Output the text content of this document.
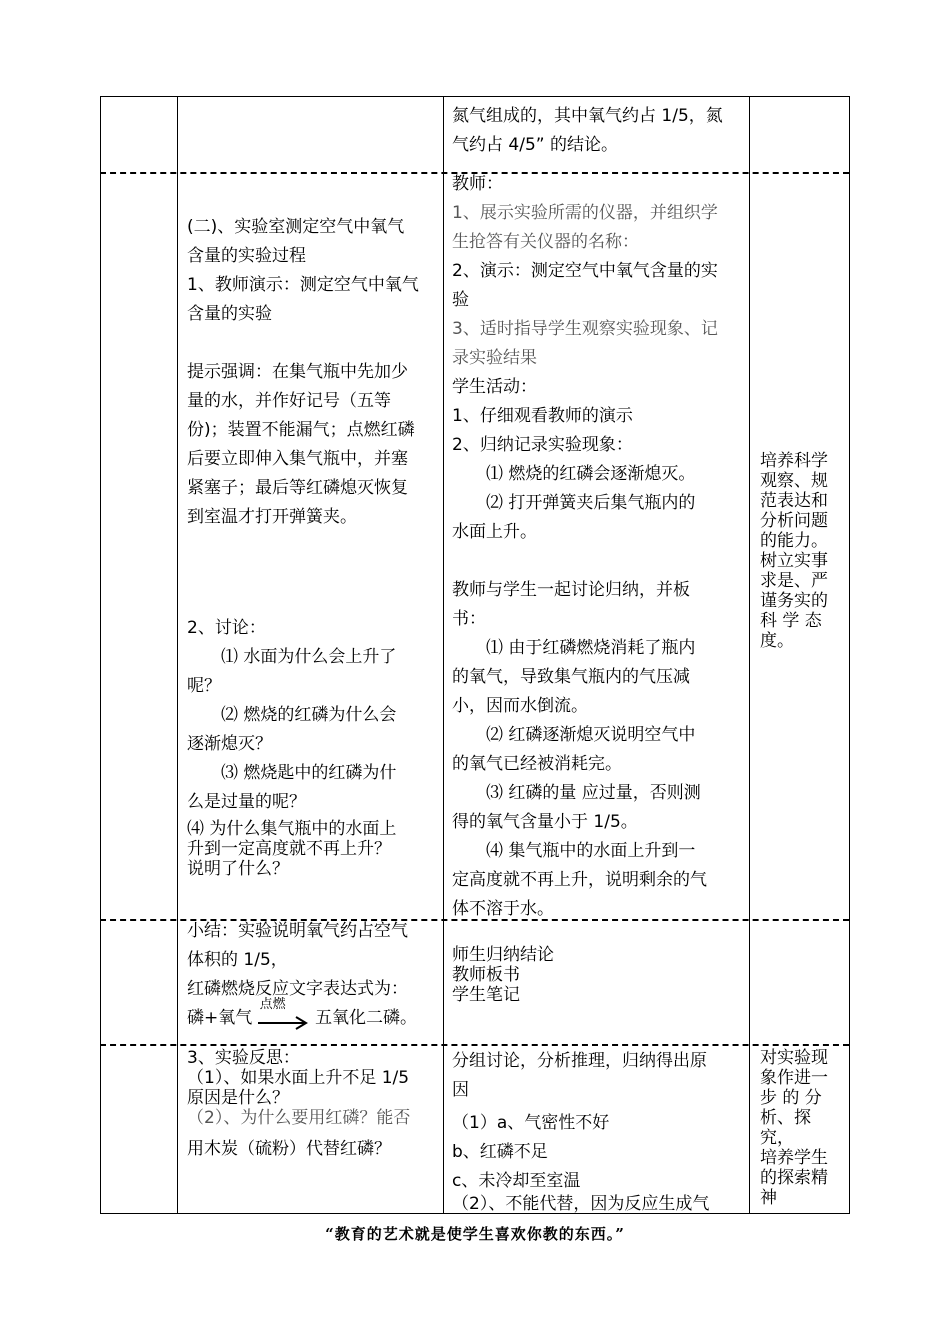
氮气组成的，其中氧气约占 1/5，氮

气约占 4/5” 的结论。

(二)、实验室测定空气中氧气

含量的实验过程

1、教师演示：测定空气中氧气

含量的实验

提示强调：在集气瓶中先加少

量的水，并作好记号（五等

份)；装置不能漏气；点燃红磷

后要立即伸入集气瓶中，并塞

紧塞子；最后等红磷熄灭恢复

到室温才打开弹簧夹。

2、讨论：

⑴ 水面为什么会上升了

呢？

⑵ 燃烧的红磷为什么会

逐渐熄灭？

⑶ 燃烧匙中的红磷为什

么是过量的呢？

⑷ 为什么集气瓶中的水面上

升到一定高度就不再上升？

说明了什么？

教师：

1、展示实验所需的仪器，并组织学

生抢答有关仪器的名称：

2、演示：测定空气中氧气含量的实

验

3、适时指导学生观察实验现象、记

录实验结果

学生活动：

1、仔细观看教师的演示

2、归纳记录实验现象：

⑴ 燃烧的红磷会逐渐熄灭。

⑵ 打开弹簧夹后集气瓶内的

水面上升。

教师与学生一起讨论归纳，并板

书：

⑴ 由于红磷燃烧消耗了瓶内

的氧气，导致集气瓶内的气压减

小，因而水倒流。

⑵ 红磷逐渐熄灭说明空气中

的氧气已经被消耗完。

⑶ 红磷的量 应过量，否则测

得的氧气含量小于 1/5。

⑷ 集气瓶中的水面上升到一

定高度就不再上升，说明剩余的气

体不溶于水。

培养科学

观察、规

范表达和

分析问题

的能力。

树立实事

求是、严

谨务实的

科 学 态

度。

小结：实验说明氧气约占空气

体积的 1/5，

红磷燃烧反应文字表达式为：

磷+氧气
点燃
五氧化二磷。

师生归纳结论

教师板书

学生笔记

3、实验反思：

（1）、如果水面上升不足 1/5

原因是什么？

（2）、为什么要用红磷？能否

用木炭（硫粉）代替红磷？

分组讨论，分析推理，归纳得出原

因

（1）a、气密性不好

b、红磷不足

c、未冷却至室温

（2）、不能代替，因为反应生成气

对实验现

象作进一

步 的 分

析、探究，

培养学生

的探索精

神

“教育的艺术就是使学生喜欢你教的东西。”
